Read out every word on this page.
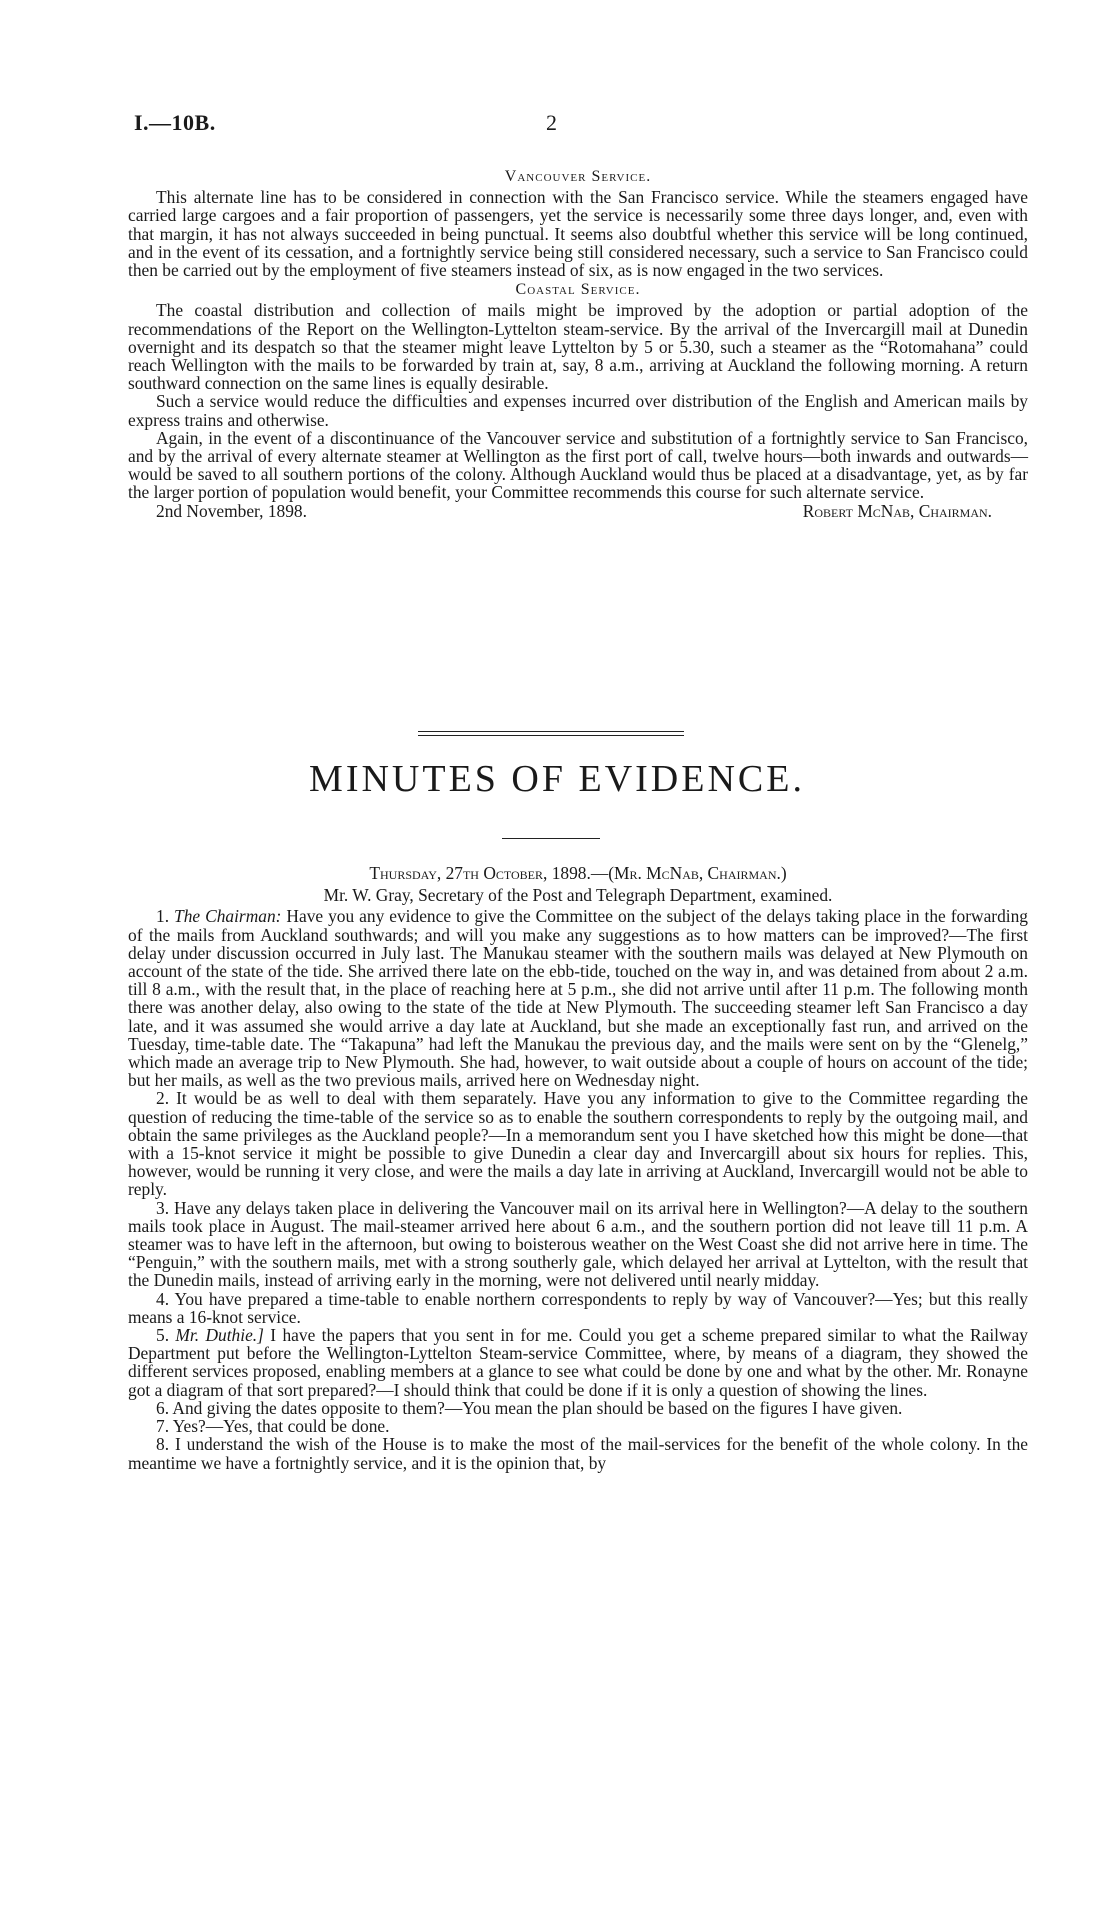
I.—10B.	2
Vancouver Service.

This alternate line has to be considered in connection with the San Francisco service. While the steamers engaged have carried large cargoes and a fair proportion of passengers, yet the service is necessarily some three days longer, and, even with that margin, it has not always succeeded in being punctual. It seems also doubtful whether this service will be long continued, and in the event of its cessation, and a fortnightly service being still considered necessary, such a service to San Francisco could then be carried out by the employment of five steamers instead of six, as is now engaged in the two services.

Coastal Service.

The coastal distribution and collection of mails might be improved by the adoption or partial adoption of the recommendations of the Report on the Wellington-Lyttelton steam-service. By the arrival of the Invercargill mail at Dunedin overnight and its despatch so that the steamer might leave Lyttelton by 5 or 5.30, such a steamer as the “Rotomahana” could reach Wellington with the mails to be forwarded by train at, say, 8 a.m., arriving at Auckland the following morning. A return southward connection on the same lines is equally desirable.

Such a service would reduce the difficulties and expenses incurred over distribution of the English and American mails by express trains and otherwise.

Again, in the event of a discontinuance of the Vancouver service and substitution of a fortnightly service to San Francisco, and by the arrival of every alternate steamer at Wellington as the first port of call, twelve hours—both inwards and outwards—would be saved to all southern portions of the colony. Although Auckland would thus be placed at a disadvantage, yet, as by far the larger portion of population would benefit, your Committee recommends this course for such alternate service.

2nd November, 1898.	Robert McNab, Chairman.
MINUTES OF EVIDENCE.
Thursday, 27th October, 1898.—(Mr. McNab, Chairman.)
Mr. W. Gray, Secretary of the Post and Telegraph Department, examined.

1. The Chairman: Have you any evidence to give the Committee on the subject of the delays taking place in the forwarding of the mails from Auckland southwards; and will you make any suggestions as to how matters can be improved?—The first delay under discussion occurred in July last. The Manukau steamer with the southern mails was delayed at New Plymouth on account of the state of the tide. She arrived there late on the ebb-tide, touched on the way in, and was detained from about 2 a.m. till 8 a.m., with the result that, in the place of reaching here at 5 p.m., she did not arrive until after 11 p.m. The following month there was another delay, also owing to the state of the tide at New Plymouth. The succeeding steamer left San Francisco a day late, and it was assumed she would arrive a day late at Auckland, but she made an exceptionally fast run, and arrived on the Tuesday, time-table date. The “Takapuna” had left the Manukau the previous day, and the mails were sent on by the “Glenelg,” which made an average trip to New Plymouth. She had, however, to wait outside about a couple of hours on account of the tide; but her mails, as well as the two previous mails, arrived here on Wednesday night.

2. It would be as well to deal with them separately. Have you any information to give to the Committee regarding the question of reducing the time-table of the service so as to enable the southern correspondents to reply by the outgoing mail, and obtain the same privileges as the Auckland people?—In a memorandum sent you I have sketched how this might be done—that with a 15-knot service it might be possible to give Dunedin a clear day and Invercargill about six hours for replies. This, however, would be running it very close, and were the mails a day late in arriving at Auckland, Invercargill would not be able to reply.

3. Have any delays taken place in delivering the Vancouver mail on its arrival here in Wellington?—A delay to the southern mails took place in August. The mail-steamer arrived here about 6 a.m., and the southern portion did not leave till 11 p.m. A steamer was to have left in the afternoon, but owing to boisterous weather on the West Coast she did not arrive here in time. The “Penguin,” with the southern mails, met with a strong southerly gale, which delayed her arrival at Lyttelton, with the result that the Dunedin mails, instead of arriving early in the morning, were not delivered until nearly midday.

4. You have prepared a time-table to enable northern correspondents to reply by way of Vancouver?—Yes; but this really means a 16-knot service.

5. Mr. Duthie.] I have the papers that you sent in for me. Could you get a scheme prepared similar to what the Railway Department put before the Wellington-Lyttelton Steam-service Committee, where, by means of a diagram, they showed the different services proposed, enabling members at a glance to see what could be done by one and what by the other. Mr. Ronayne got a diagram of that sort prepared?—I should think that could be done if it is only a question of showing the lines.

6. And giving the dates opposite to them?—You mean the plan should be based on the figures I have given.

7. Yes?—Yes, that could be done.

8. I understand the wish of the House is to make the most of the mail-services for the benefit of the whole colony. In the meantime we have a fortnightly service, and it is the opinion that, by
